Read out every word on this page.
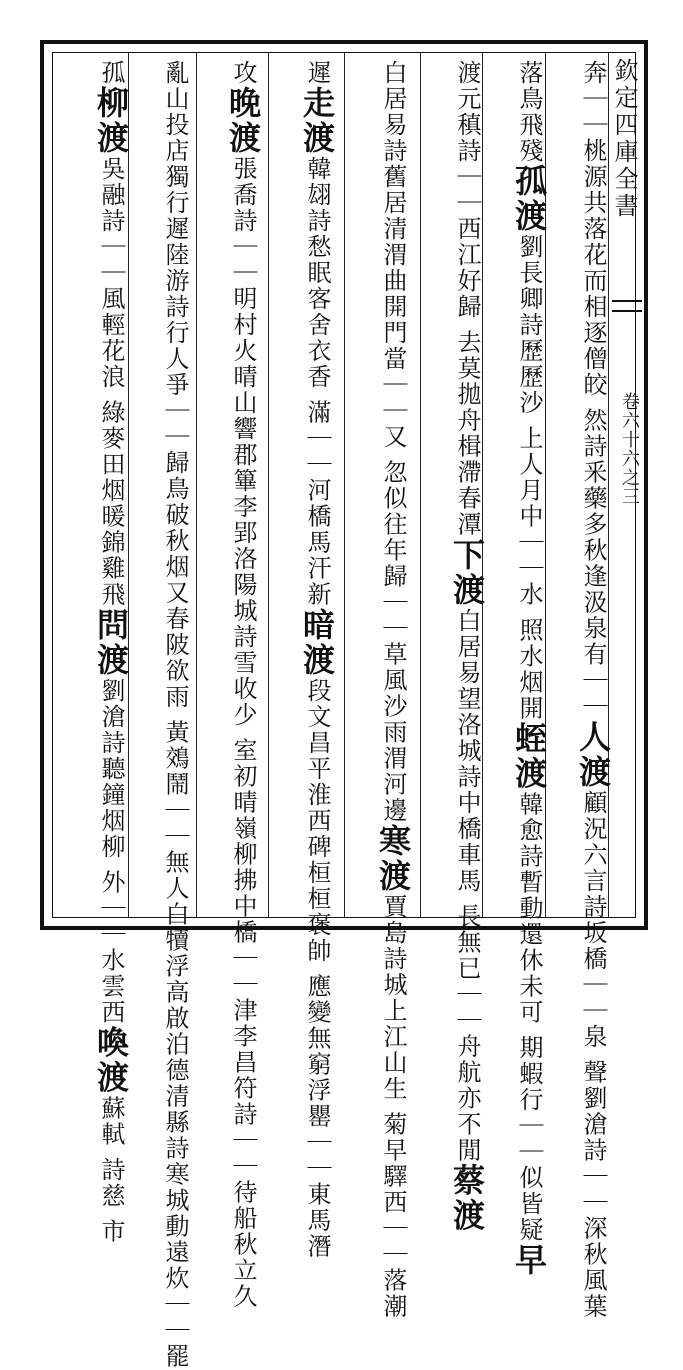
欽定四庫全書
卷六十六之三
奔｜｜桃源共落花而相逐僧皎 然詩釆藥多秋逢汲泉有｜｜人渡顧況六言詩坂橋｜｜泉 聲劉滄詩｜｜深秋風葉
落鳥飛殘孤渡劉長卿詩歷歷沙 上人月中｜｜水 照水烟開蛭渡韓愈詩暫動還休未可 期蝦行｜｜似皆疑早
渡元稹詩｜｜西江好歸 去莫拋舟楫滯春潭下渡白居易望洛城詩中橋車馬 長無已｜｜舟航亦不閒蔡渡
白居易詩舊居清渭曲開門當｜｜又 忽似往年歸｜｜草風沙雨渭河邊寒渡賈島詩城上江山生 菊早驛西｜｜落潮
遲走渡韓翃詩愁眠客舍衣香 滿｜｜河橋馬汗新暗渡段文昌平淮西碑桓桓褒帥 應變無窮浮罌｜｜東馬潛
攻晚渡張喬詩｜｜明村火晴山響郡篳李郢洛陽城詩雪收少 室初晴嶺柳拂中橋｜｜津李昌符詩｜｜待船秋立久
亂山投店獨行遲陸游詩行人爭｜｜歸鳥破秋烟又春陂欲雨 黃鵁鬧｜｜無人白犢浮高啟泊德清縣詩寒城動遠炊｜｜罷
孤柳渡吳融詩｜｜風輕花浪 綠麥田烟暖錦雞飛問渡劉滄詩聽鐘烟柳 外｜｜水雲西喚渡蘇軾 詩慈 市
